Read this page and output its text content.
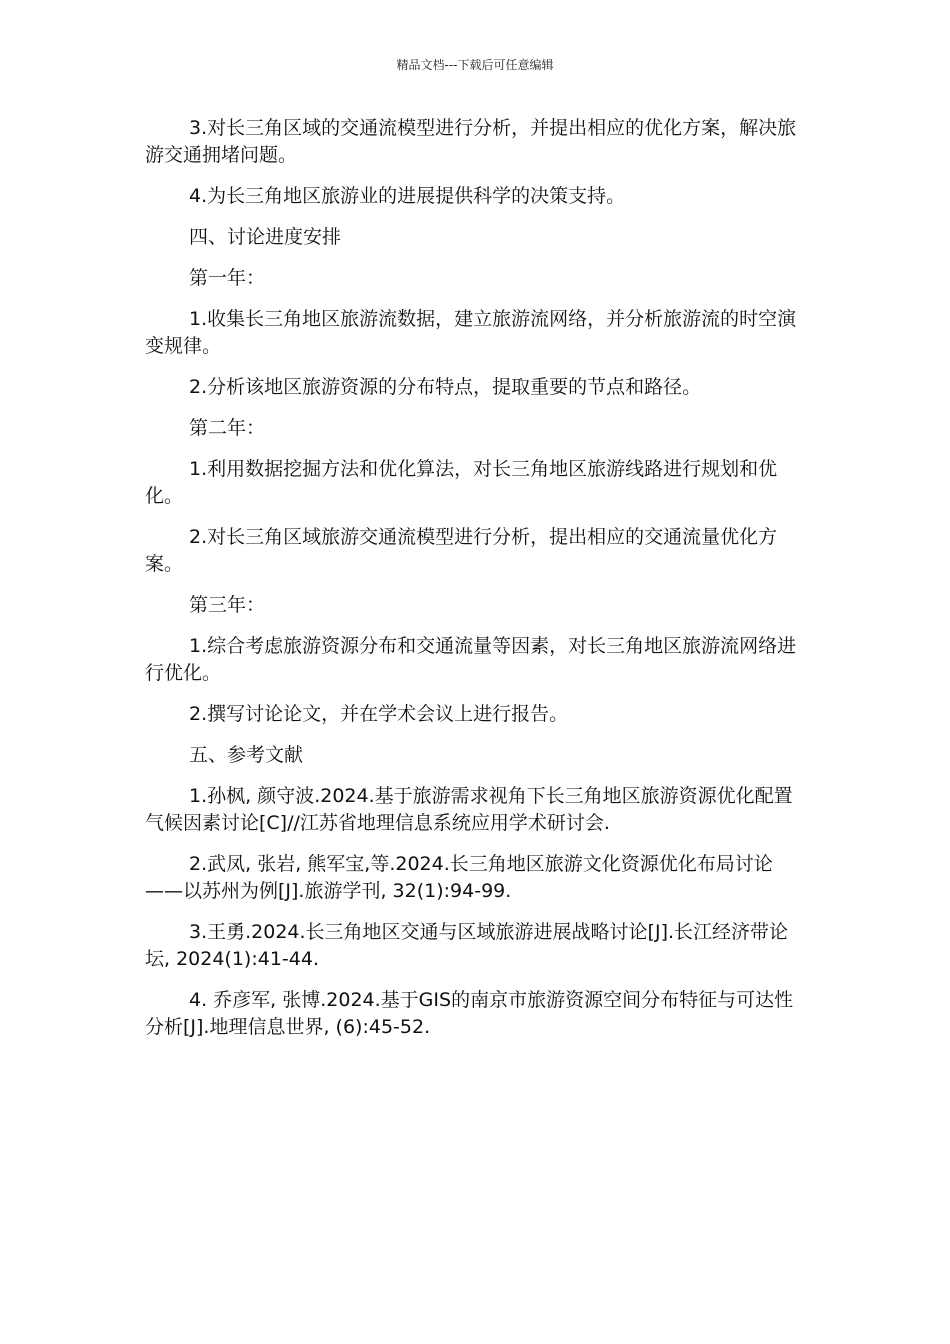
精品文档---下载后可任意编辑

3.对长三角区域的交通流模型进行分析，并提出相应的优化方案，解决旅游交通拥堵问题。

4.为长三角地区旅游业的进展提供科学的决策支持。

四、讨论进度安排

第一年：

1.收集长三角地区旅游流数据，建立旅游流网络，并分析旅游流的时空演变规律。

2.分析该地区旅游资源的分布特点，提取重要的节点和路径。

第二年：

1.利用数据挖掘方法和优化算法，对长三角地区旅游线路进行规划和优化。

2.对长三角区域旅游交通流模型进行分析，提出相应的交通流量优化方案。

第三年：

1.综合考虑旅游资源分布和交通流量等因素，对长三角地区旅游流网络进行优化。

2.撰写讨论论文，并在学术会议上进行报告。

五、参考文献

1.孙枫, 颜守波.2024.基于旅游需求视角下长三角地区旅游资源优化配置气候因素讨论[C]//江苏省地理信息系统应用学术研讨会.

2.武凤, 张岩, 熊军宝,等.2024.长三角地区旅游文化资源优化布局讨论——以苏州为例[J].旅游学刊, 32(1):94-99.

3.王勇.2024.长三角地区交通与区域旅游进展战略讨论[J].长江经济带论坛, 2024(1):41-44.

4. 乔彦军, 张博.2024.基于GIS的南京市旅游资源空间分布特征与可达性分析[J].地理信息世界, (6):45-52.
